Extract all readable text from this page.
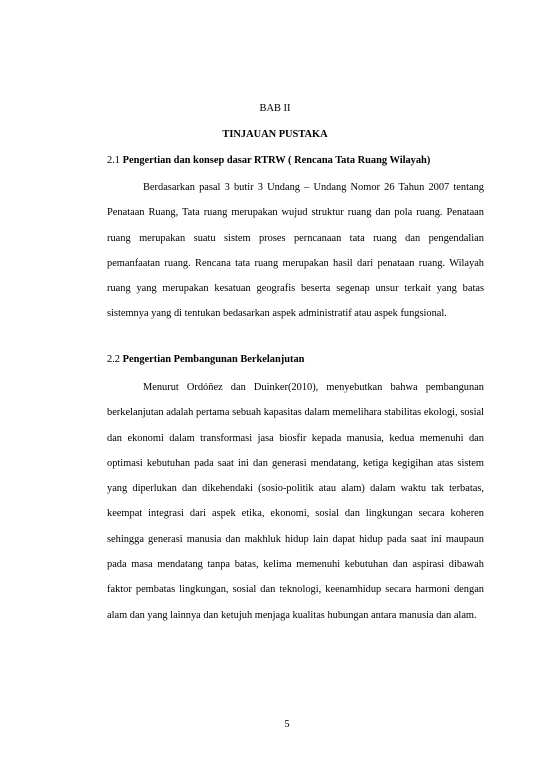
BAB II
TINJAUAN PUSTAKA
2.1 Pengertian dan konsep dasar RTRW ( Rencana Tata Ruang Wilayah)

Berdasarkan pasal 3 butir 3 Undang – Undang Nomor 26 Tahun 2007 tentang Penataan Ruang, Tata ruang merupakan wujud struktur ruang dan pola ruang. Penataan ruang merupakan suatu sistem proses perncanaan tata ruang dan pengendalian pemanfaatan ruang. Rencana tata ruang merupakan hasil dari penataan ruang. Wilayah ruang yang merupakan kesatuan geografis beserta segenap unsur terkait yang batas sistemnya yang di tentukan bedasarkan aspek administratif atau aspek fungsional.

2.2 Pengertian Pembangunan Berkelanjutan

Menurut Ordóñez dan Duinker(2010), menyebutkan bahwa pembangunan berkelanjutan adalah pertama sebuah kapasitas dalam memelihara stabilitas ekologi, sosial dan ekonomi dalam transformasi jasa biosfir kepada manusia, kedua memenuhi dan optimasi kebutuhan pada saat ini dan generasi mendatang, ketiga kegigihan atas sistem yang diperlukan dan dikehendaki (sosio-politik atau alam) dalam waktu tak terbatas, keempat integrasi dari aspek etika, ekonomi, sosial dan lingkungan secara koheren sehingga generasi manusia dan makhluk hidup lain dapat hidup pada saat ini maupaun pada masa mendatang tanpa batas, kelima memenuhi kebutuhan dan aspirasi dibawah faktor pembatas lingkungan, sosial dan teknologi, keenamhidup secara harmoni dengan alam dan yang lainnya dan ketujuh menjaga kualitas hubungan antara manusia dan alam.

5
